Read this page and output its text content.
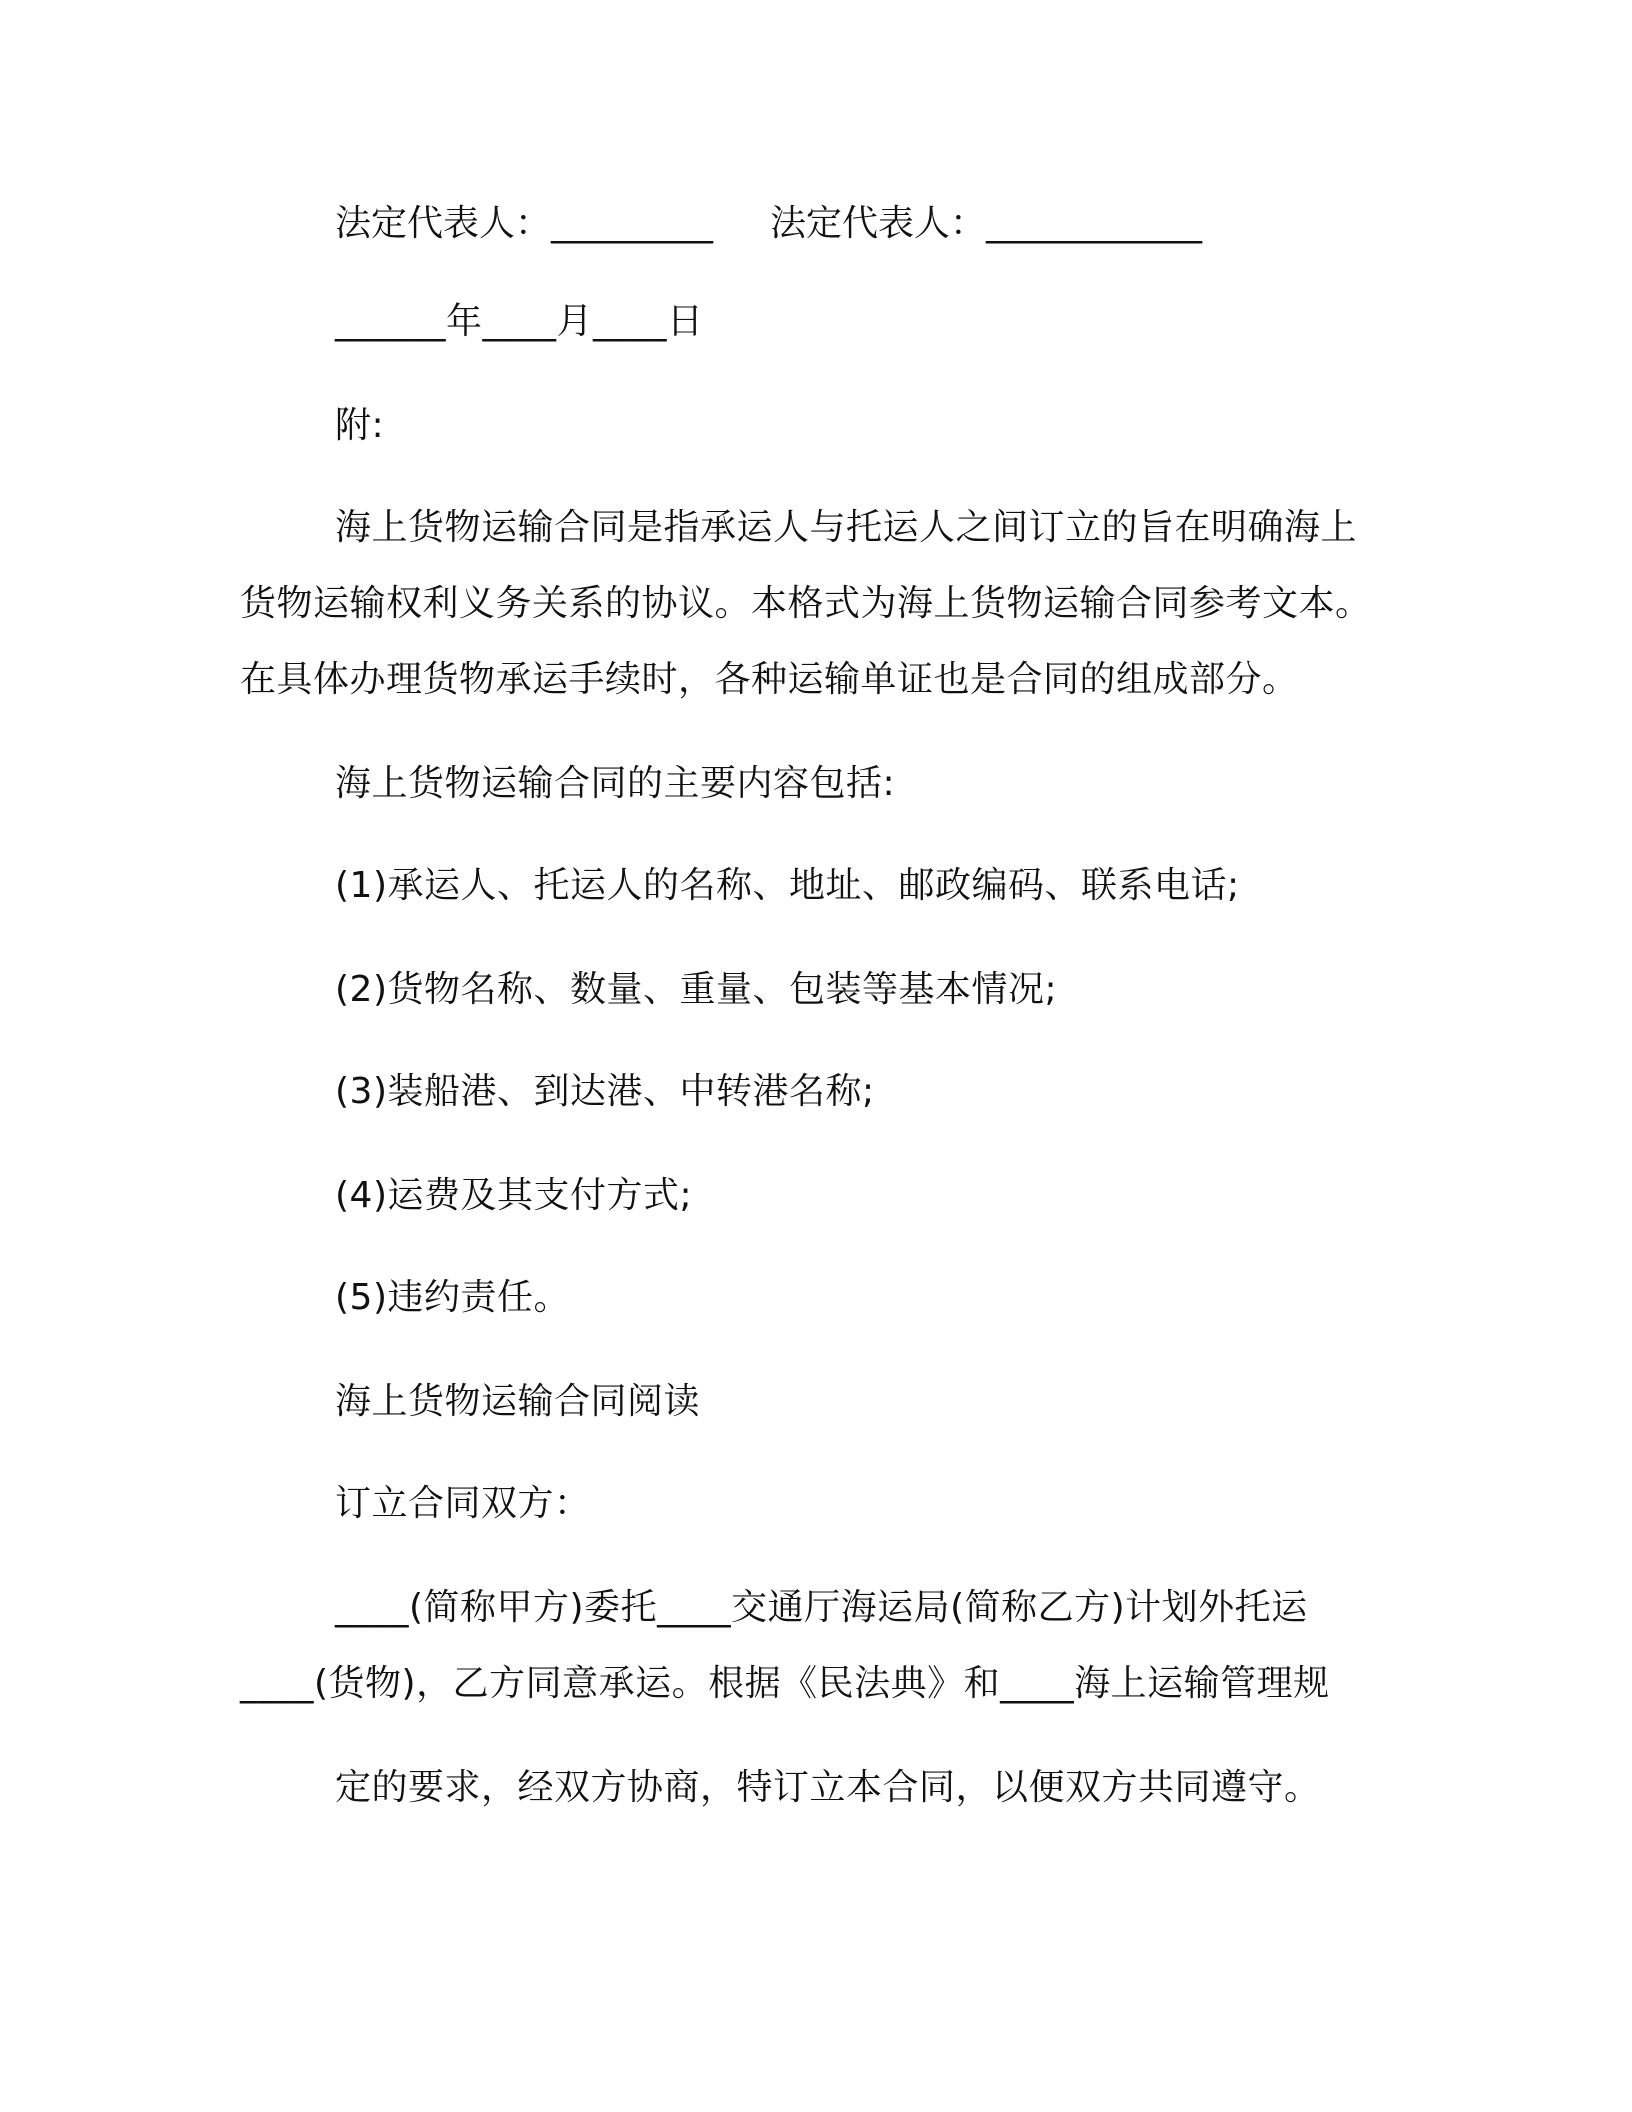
法定代表人：_________ 法定代表人：____________
______年____月____日
附:
海上货物运输合同是指承运人与托运人之间订立的旨在明确海上
货物运输权利义务关系的协议。本格式为海上货物运输合同参考文本。
在具体办理货物承运手续时，各种运输单证也是合同的组成部分。
海上货物运输合同的主要内容包括:
(1)承运人、托运人的名称、地址、邮政编码、联系电话;
(2)货物名称、数量、重量、包装等基本情况;
(3)装船港、到达港、中转港名称;
(4)运费及其支付方式;
(5)违约责任。
海上货物运输合同阅读
订立合同双方：
____(简称甲方)委托____交通厅海运局(简称乙方)计划外托运
____(货物)，乙方同意承运。根据《民法典》和____海上运输管理规
定的要求，经双方协商，特订立本合同，以便双方共同遵守。
